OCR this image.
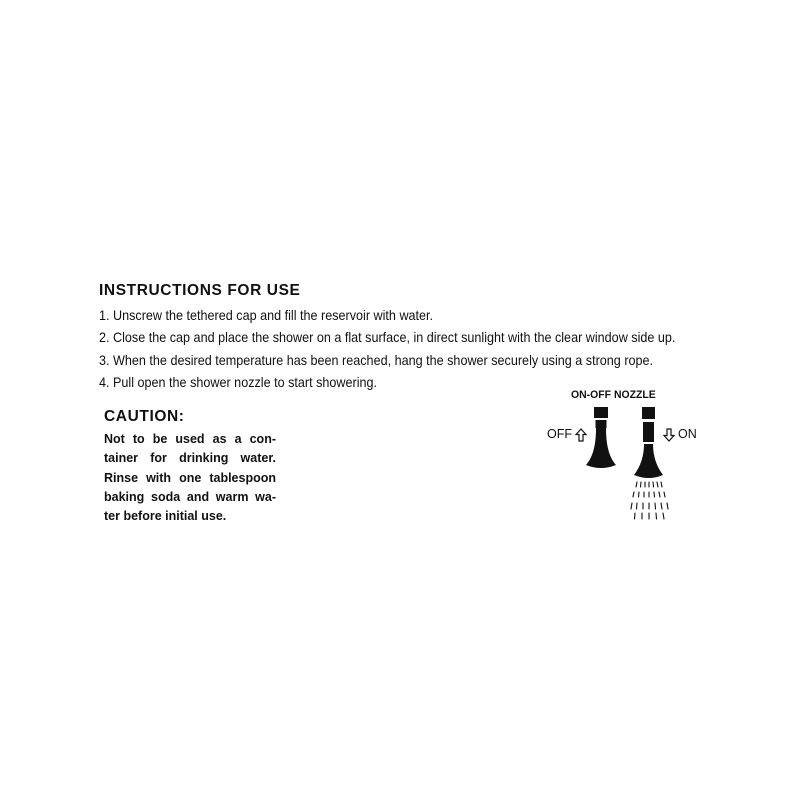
INSTRUCTIONS FOR USE
1. Unscrew the tethered cap and fill the reservoir with water.
2. Close the cap and place the shower on a flat surface, in direct sunlight with the clear window side up.
3. When the desired temperature has been reached, hang the shower securely using a strong rope.
4. Pull open the shower nozzle to start showering.
CAUTION:

Not to be used as a con-
tainer for drinking water.
Rinse with one tablespoon
baking soda and warm wa-
ter before initial use.

ON-OFF NOZZLE
OFF	ON
